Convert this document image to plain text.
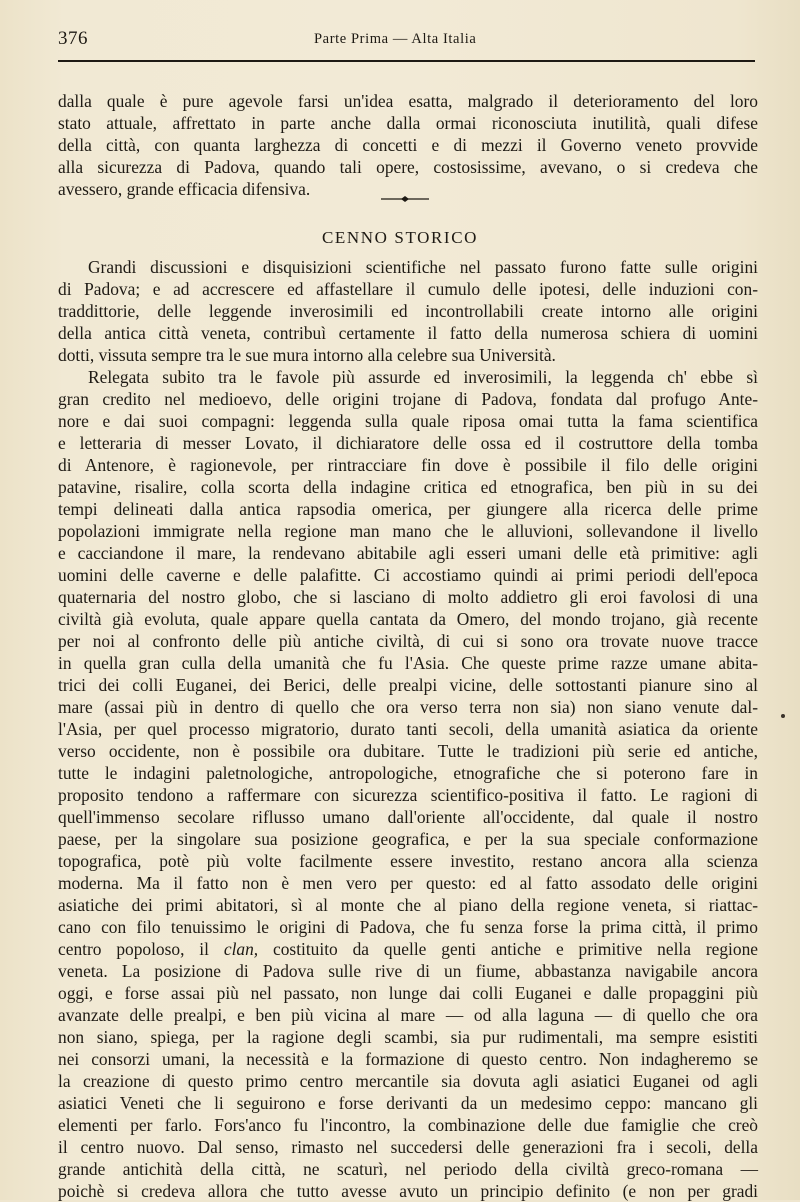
376	Parte Prima — Alta Italia

dalla quale è pure agevole farsi un'idea esatta, malgrado il deterioramento del loro
stato attuale, affrettato in parte anche dalla ormai riconosciuta inutilità, quali difese
della città, con quanta larghezza di concetti e di mezzi il Governo veneto provvide
alla sicurezza di Padova, quando tali opere, costosissime, avevano, o si credeva che
avessero, grande efficacia difensiva.

CENNO STORICO

Grandi discussioni e disquisizioni scientifiche nel passato furono fatte sulle origini
di Padova; e ad accrescere ed affastellare il cumulo delle ipotesi, delle induzioni con-
traddittorie, delle leggende inverosimili ed incontrollabili create intorno alle origini
della antica città veneta, contribuì certamente il fatto della numerosa schiera di uomini
dotti, vissuta sempre tra le sue mura intorno alla celebre sua Università.

Relegata subito tra le favole più assurde ed inverosimili, la leggenda ch' ebbe sì
gran credito nel medioevo, delle origini trojane di Padova, fondata dal profugo Ante-
nore e dai suoi compagni: leggenda sulla quale riposa omai tutta la fama scientifica
e letteraria di messer Lovato, il dichiaratore delle ossa ed il costruttore della tomba
di Antenore, è ragionevole, per rintracciare fin dove è possibile il filo delle origini
patavine, risalire, colla scorta della indagine critica ed etnografica, ben più in su dei
tempi delineati dalla antica rapsodia omerica, per giungere alla ricerca delle prime
popolazioni immigrate nella regione man mano che le alluvioni, sollevandone il livello
e cacciandone il mare, la rendevano abitabile agli esseri umani delle età primitive: agli
uomini delle caverne e delle palafitte. Ci accostiamo quindi ai primi periodi dell'epoca
quaternaria del nostro globo, che si lasciano di molto addietro gli eroi favolosi di una
civiltà già evoluta, quale appare quella cantata da Omero, del mondo trojano, già recente
per noi al confronto delle più antiche civiltà, di cui si sono ora trovate nuove tracce
in quella gran culla della umanità che fu l'Asia. Che queste prime razze umane abita-
trici dei colli Euganei, dei Berici, delle prealpi vicine, delle sottostanti pianure sino al
mare (assai più in dentro di quello che ora verso terra non sia) non siano venute dal-
l'Asia, per quel processo migratorio, durato tanti secoli, della umanità asiatica da oriente
verso occidente, non è possibile ora dubitare. Tutte le tradizioni più serie ed antiche,
tutte le indagini paletnologiche, antropologiche, etnografiche che si poterono fare in
proposito tendono a raffermare con sicurezza scientifico-positiva il fatto. Le ragioni di
quell'immenso secolare riflusso umano dall'oriente all'occidente, dal quale il nostro
paese, per la singolare sua posizione geografica, e per la sua speciale conformazione
topografica, potè più volte facilmente essere investito, restano ancora alla scienza
moderna. Ma il fatto non è men vero per questo: ed al fatto assodato delle origini
asiatiche dei primi abitatori, sì al monte che al piano della regione veneta, si riattac-
cano con filo tenuissimo le origini di Padova, che fu senza forse la prima città, il primo
centro popoloso, il clan, costituito da quelle genti antiche e primitive nella regione
veneta. La posizione di Padova sulle rive di un fiume, abbastanza navigabile ancora
oggi, e forse assai più nel passato, non lunge dai colli Euganei e dalle propaggini più
avanzate delle prealpi, e ben più vicina al mare — od alla laguna — di quello che ora
non siano, spiega, per la ragione degli scambi, sia pur rudimentali, ma sempre esistiti
nei consorzi umani, la necessità e la formazione di questo centro. Non indagheremo se
la creazione di questo primo centro mercantile sia dovuta agli asiatici Euganei od agli
asiatici Veneti che li seguirono e forse derivanti da un medesimo ceppo: mancano gli
elementi per farlo. Fors'anco fu l'incontro, la combinazione delle due famiglie che creò
il centro nuovo. Dal senso, rimasto nel succedersi delle generazioni fra i secoli, della
grande antichità della città, ne scaturì, nel periodo della civiltà greco-romana —
poichè si credeva allora che tutto avesse avuto un principio definito (e non per gradi
